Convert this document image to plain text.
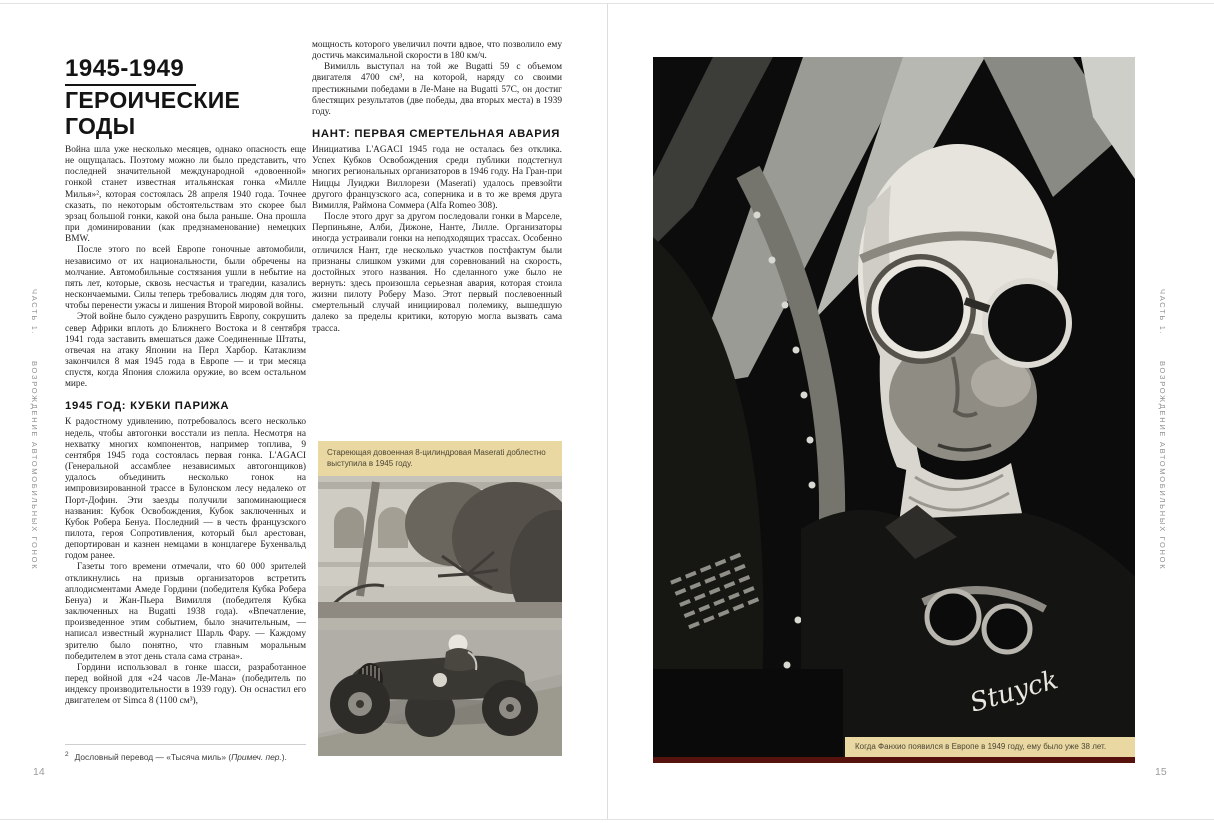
ЧАСТЬ 1.ВОЗРОЖДЕНИЕ АВТОМОБИЛЬНЫХ ГОНОК
1945-1949
ГЕРОИЧЕСКИЕ ГОДЫ

Война шла уже несколько месяцев, однако опасность еще не ощущалась. Поэтому можно ли было представить, что последней значительной международной «довоенной» гонкой станет известная итальянская гонка «Милле Милья»², которая состоялась 28 апреля 1940 года. Точнее сказать, по некоторым обстоятельствам это скорее был эрзац большой гонки, какой она была раньше. Она прошла при доминировании (как предзнаменование) немецких BMW.

После этого по всей Европе гоночные автомобили, независимо от их национальности, были обречены на молчание. Автомобильные состязания ушли в небытие на пять лет, которые, сквозь несчастья и трагедии, казались нескончаемыми. Силы теперь требовались людям для того, чтобы перенести ужасы и лишения Второй мировой войны.

Этой войне было суждено разрушить Европу, сокрушить север Африки вплоть до Ближнего Востока и 8 сентября 1941 года заставить вмешаться даже Соединенные Штаты, отвечая на атаку Японии на Перл Харбор. Катаклизм закончился 8 мая 1945 года в Европе — и три месяца спустя, когда Япония сложила оружие, во всем остальном мире.

1945 ГОД: КУБКИ ПАРИЖА

К радостному удивлению, потребовалось всего несколько недель, чтобы автогонки восстали из пепла. Несмотря на нехватку многих компонентов, например топлива, 9 сентября 1945 года состоялась первая гонка. L'AGACI (Генеральной ассамблее независимых автогонщиков) удалось объединить несколько гонок на импровизированной трассе в Булонском лесу недалеко от Порт-Дофин. Эти заезды получили запоминающиеся названия: Кубок Освобождения, Кубок заключенных и Кубок Робера Бенуа. Последний — в честь французского пилота, героя Сопротивления, который был арестован, депортирован и казнен немцами в концлагере Бухенвальд годом ранее.

Газеты того времени отмечали, что 60 000 зрителей откликнулись на призыв организаторов встретить аплодисментами Амеде Гордини (победителя Кубка Робера Бенуа) и Жан-Пьера Вимилля (победителя Кубка заключенных на Bugatti 1938 года). «Впечатление, произведенное этим событием, было значительным, — написал известный журналист Шарль Фару. — Каждому зрителю было понятно, что главным моральным победителем в этот день стала сама страна».

Гордини использовал в гонке шасси, разработанное перед войной для «24 часов Ле-Мана» (победитель по индексу производительности в 1939 году). Он оснастил его двигателем от Simca 8 (1100 см³),

$^2$ Дословный перевод — «Тысяча миль» (Примеч. пер.).

мощность которого увеличил почти вдвое, что позволило ему достичь максимальной скорости в 180 км/ч.

Вимилль выступал на той же Bugatti 59 с объемом двигателя 4700 см³, на которой, наряду со своими престижными победами в Ле-Мане на Bugatti 57C, он достиг блестящих результатов (две победы, два вторых места) в 1939 году.

НАНТ: ПЕРВАЯ СМЕРТЕЛЬНАЯ АВАРИЯ

Инициатива L'AGACI 1945 года не осталась без отклика. Успех Кубков Освобождения среди публики подстегнул многих региональных организаторов в 1946 году. На Гран-при Ниццы Луиджи Виллорези (Maserati) удалось превзойти другого французского аса, соперника и в то же время друга Вимилля, Раймона Соммера (Alfa Romeo 308).

После этого друг за другом последовали гонки в Марселе, Перпиньяне, Алби, Дижоне, Нанте, Лилле. Организаторы иногда устраивали гонки на неподходящих трассах. Особенно отличился Нант, где несколько участков постфактум были признаны слишком узкими для соревнований на скорость, достойных этого названия. Но сделанного уже было не вернуть: здесь произошла серьезная авария, которая стоила жизни пилоту Роберу Мазо. Этот первый послевоенный смертельный случай инициировал полемику, вышедшую далеко за пределы критики, которую могла вызвать сама трасса.

Стареющая довоенная 8-цилиндровая Maserati доблестно выступила в 1945 году.
14
Stuyck
Когда Фанхио появился в Европе в 1949 году, ему было уже 38 лет.
ЧАСТЬ 1.ВОЗРОЖДЕНИЕ АВТОМОБИЛЬНЫХ ГОНОК
15
